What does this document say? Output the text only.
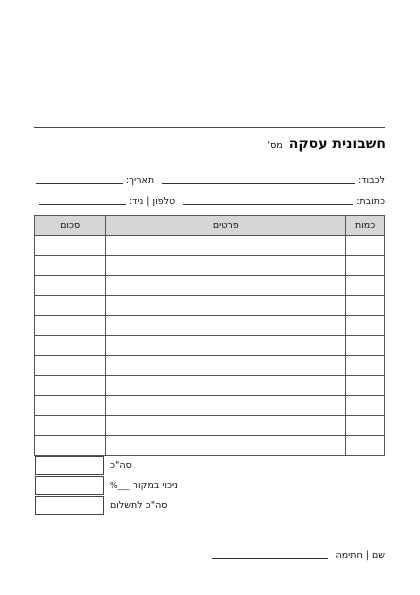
חשבונית עסקה
מס'
לכבוד:
תאריך:
כתובת:
טלפון | ניד:
כמות	פרטים	סכום

סה"כ
ניכוי במקור ___%
סה"כ לתשלום
שם | חתימה
